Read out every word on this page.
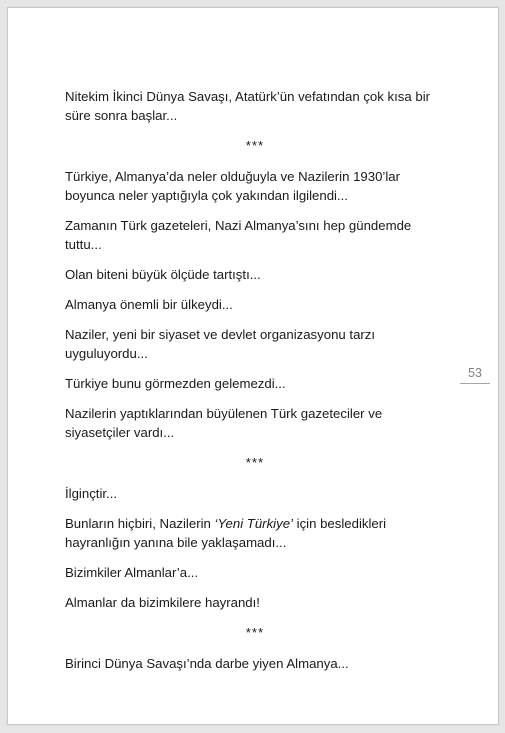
Nitekim İkinci Dünya Savaşı, Atatürk’ün vefatından çok kısa bir süre sonra başlar...

***

Türkiye, Almanya’da neler olduğuyla ve Nazilerin 1930’lar boyunca neler yaptığıyla çok yakından ilgilendi...

Zamanın Türk gazeteleri, Nazi Almanya’sını hep gündemde tuttu...

Olan biteni büyük ölçüde tartıştı...

Almanya önemli bir ülkeydi...

Naziler, yeni bir siyaset ve devlet organizasyonu tarzı uyguluyordu...

Türkiye bunu görmezden gelemezdi...

Nazilerin yaptıklarından büyülenen Türk gazeteciler ve siyasetçiler vardı...

***

İlginçtir...

Bunların hiçbiri, Nazilerin ‘Yeni Türkiye’ için besledikleri hayranlığın yanına bile yaklaşamadı...

Bizimkiler Almanlar’a...

Almanlar da bizimkilere hayrandı!

***

Birinci Dünya Savaşı’nda darbe yiyen Almanya...

53
